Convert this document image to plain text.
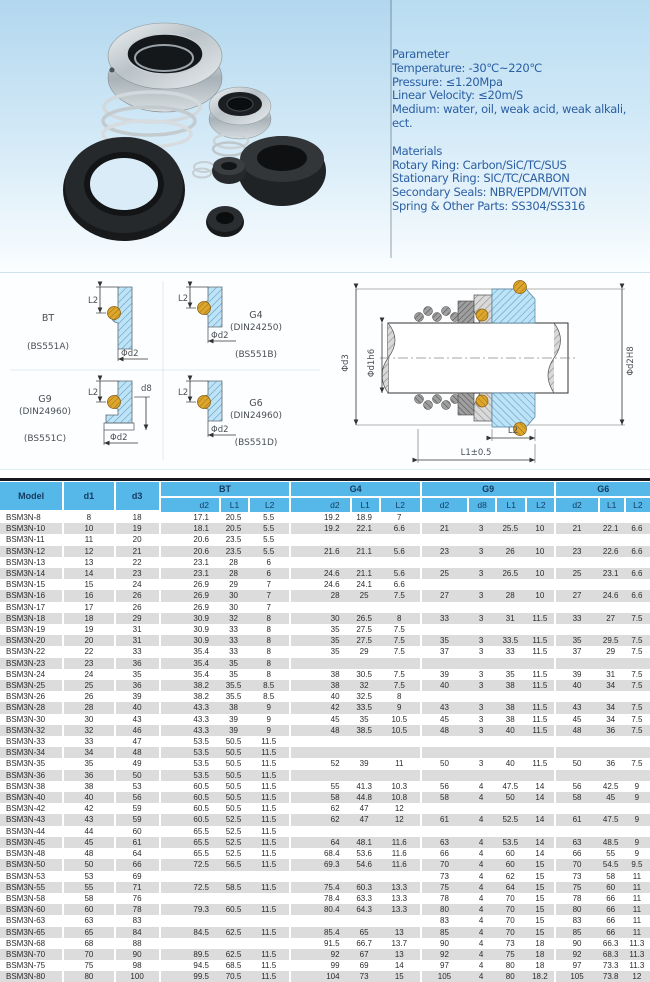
Parameter
Temperature: -30℃~220℃
Pressure: ≤1.20Mpa
Linear Velocity: ≤20m/S
Medium: water, oil, weak acid, weak alkali, ect.
Materials
Rotary Ring: Carbon/SiC/TC/SUS
Stationary Ring: SIC/TC/CARBON
Secondary Seals: NBR/EPDM/VITON
Spring & Other Parts: SS304/SS316
BT
(BS551A)
L2
Φd2
G4
(DIN24250)
(BS551B)
L2
Φd2
G9
(DIN24960)
(BS551C)
L2	d8
Φd2
G6
(DIN24960)
(BS551D)
L2
Φd2
Φd3 Φd1h6	Φd2H8
L2
L1±0.5
Model	d1	d3	BT			G4			G9				G6		
			d2	L1	L2	d2	L1	L2	d2	d8	L1	L2	d2	L1	L2
BSM3N-8	8	18	17.1	20.5	5.5	19.2	18.9	7							
BSM3N-10	10	19	18.1	20.5	5.5	19.2	22.1	6.6	21	3	25.5	10	21	22.1	6.6
BSM3N-11	11	20	20.6	23.5	5.5										
BSM3N-12	12	21	20.6	23.5	5.5	21.6	21.1	5.6	23	3	26	10	23	22.6	6.6
BSM3N-13	13	22	23.1	28	6										
BSM3N-14	14	23	23.1	28	6	24.6	21.1	5.6	25	3	26.5	10	25	23.1	6.6
BSM3N-15	15	24	26.9	29	7	24.6	24.1	6.6							
BSM3N-16	16	26	26.9	30	7	28	25	7.5	27	3	28	10	27	24.6	6.6
BSM3N-17	17	26	26.9	30	7										
BSM3N-18	18	29	30.9	32	8	30	26.5	8	33	3	31	11.5	33	27	7.5
BSM3N-19	19	31	30.9	33	8	35	27.5	7.5							
BSM3N-20	20	31	30.9	33	8	35	27.5	7.5	35	3	33.5	11.5	35	29.5	7.5
BSM3N-22	22	33	35.4	33	8	35	29	7.5	37	3	33	11.5	37	29	7.5
BSM3N-23	23	36	35.4	35	8										
BSM3N-24	24	35	35.4	35	8	38	30.5	7.5	39	3	35	11.5	39	31	7.5
BSM3N-25	25	36	38.2	35.5	8.5	38	32	7.5	40	3	38	11.5	40	34	7.5
BSM3N-26	26	39	38.2	35.5	8.5	40	32.5	8							
BSM3N-28	28	40	43.3	38	9	42	33.5	9	43	3	38	11.5	43	34	7.5
BSM3N-30	30	43	43.3	39	9	45	35	10.5	45	3	38	11.5	45	34	7.5
BSM3N-32	32	46	43.3	39	9	48	38.5	10.5	48	3	40	11.5	48	36	7.5
BSM3N-33	33	47	53.5	50.5	11.5										
BSM3N-34	34	48	53.5	50.5	11.5										
BSM3N-35	35	49	53.5	50.5	11.5	52	39	11	50	3	40	11.5	50	36	7.5
BSM3N-36	36	50	53.5	50.5	11.5										
BSM3N-38	38	53	60.5	50.5	11.5	55	41.3	10.3	56	4	47.5	14	56	42.5	9
BSM3N-40	40	56	60.5	50.5	11.5	58	44.8	10.8	58	4	50	14	58	45	9
BSM3N-42	42	59	60.5	50.5	11.5	62	47	12							
BSM3N-43	43	59	60.5	52.5	11.5	62	47	12	61	4	52.5	14	61	47.5	9
BSM3N-44	44	60	65.5	52.5	11.5										
BSM3N-45	45	61	65.5	52.5	11.5	64	48.1	11.6	63	4	53.5	14	63	48.5	9
BSM3N-48	48	64	65.5	52.5	11.5	68.4	53.6	11.6	66	4	60	14	66	55	9
BSM3N-50	50	66	72.5	56.5	11.5	69.3	54.6	11.6	70	4	60	15	70	54.5	9.5
BSM3N-53	53	69							73	4	62	15	73	58	11
BSM3N-55	55	71	72.5	58.5	11.5	75.4	60.3	13.3	75	4	64	15	75	60	11
BSM3N-58	58	76				78.4	63.3	13.3	78	4	70	15	78	66	11
BSM3N-60	60	78	79.3	60.5	11.5	80.4	64.3	13.3	80	4	70	15	80	66	11
BSM3N-63	63	83							83	4	70	15	83	66	11
BSM3N-65	65	84	84.5	62.5	11.5	85.4	65	13	85	4	70	15	85	66	11
BSM3N-68	68	88				91.5	66.7	13.7	90	4	73	18	90	66.3	11.3
BSM3N-70	70	90	89.5	62.5	11.5	92	67	13	92	4	75	18	92	68.3	11.3
BSM3N-75	75	98	94.5	68.5	11.5	99	69	14	97	4	80	18	97	73.3	11.3
BSM3N-80	80	100	99.5	70.5	11.5	104	73	15	105	4	80	18.2	105	73.8	12
